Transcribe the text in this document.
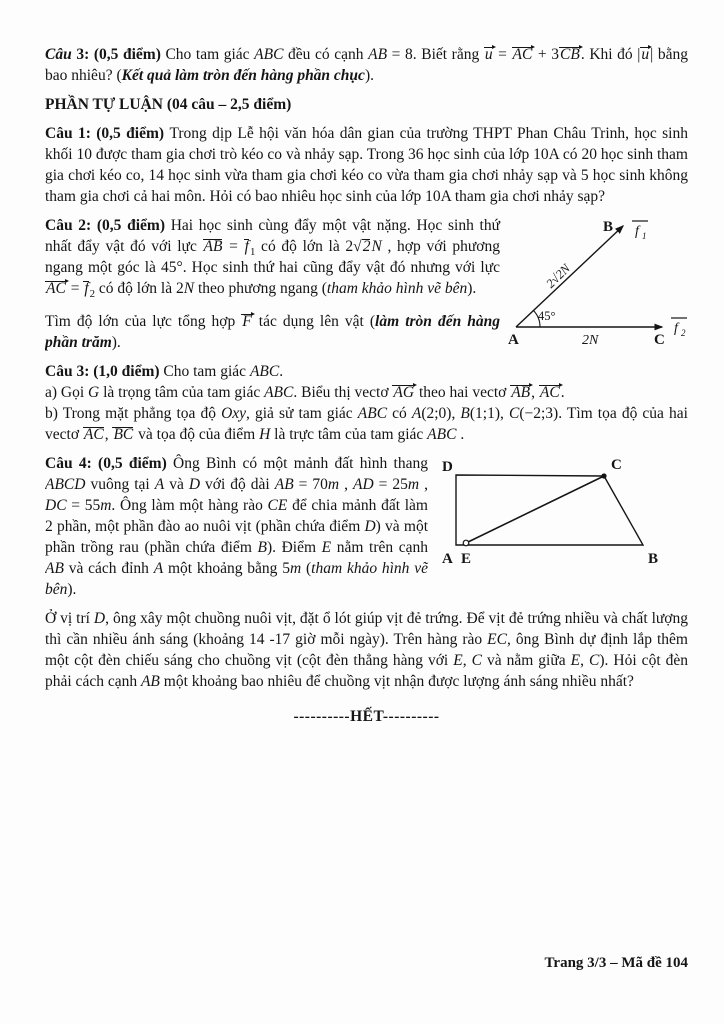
Câu 3: (0,5 điểm) Cho tam giác ABC đều có cạnh AB = 8. Biết rằng u = AC + 3CB. Khi đó |u| bằng bao nhiêu? (Kết quả làm tròn đến hàng phần chục).

PHẦN TỰ LUẬN (04 câu – 2,5 điểm)

Câu 1: (0,5 điểm) Trong dịp Lễ hội văn hóa dân gian của trường THPT Phan Châu Trinh, học sinh khối 10 được tham gia chơi trò kéo co và nhảy sạp. Trong 36 học sinh của lớp 10A có 20 học sinh tham gia chơi kéo co, 14 học sinh vừa tham gia chơi kéo co vừa tham gia chơi nhảy sạp và 5 học sinh không tham gia chơi cả hai môn. Hỏi có bao nhiêu học sinh của lớp 10A tham gia chơi nhảy sạp?

B f 1
45°
2√2N
A	2N	C
f 2

Câu 2: (0,5 điểm) Hai học sinh cùng đẩy một vật nặng. Học sinh thứ nhất đẩy vật đó với lực AB = $f_1$ có độ lớn là 2√2N , hợp với phương ngang một góc là 45°. Học sinh thứ hai cũng đẩy vật đó nhưng với lực AC = $f_2$ có độ lớn là 2N theo phương ngang (tham khảo hình vẽ bên).

Tìm độ lớn của lực tổng hợp F tác dụng lên vật (làm tròn đến hàng phần trăm).

Câu 3: (1,0 điểm) Cho tam giác ABC.

a) Gọi G là trọng tâm của tam giác ABC. Biểu thị vectơ AG theo hai vectơ AB, AC.

b) Trong mặt phẳng tọa độ Oxy, giả sử tam giác ABC có A(2;0), B(1;1), C(−2;3). Tìm tọa độ của hai vectơ AC, BC và tọa độ của điểm H là trực tâm của tam giác ABC .

D	C
A E	B

Câu 4: (0,5 điểm) Ông Bình có một mảnh đất hình thang ABCD vuông tại A và D với độ dài AB = 70m , AD = 25m , DC = 55m. Ông làm một hàng rào CE để chia mảnh đất làm 2 phần, một phần đào ao nuôi vịt (phần chứa điểm D) và một phần trồng rau (phần chứa điểm B). Điểm E nằm trên cạnh AB và cách đỉnh A một khoảng bằng 5m (tham khảo hình vẽ bên).

Ở vị trí D, ông xây một chuồng nuôi vịt, đặt ổ lót giúp vịt đẻ trứng. Để vịt đẻ trứng nhiều và chất lượng thì cần nhiều ánh sáng (khoảng 14 -17 giờ mỗi ngày). Trên hàng rào EC, ông Bình dự định lắp thêm một cột đèn chiếu sáng cho chuồng vịt (cột đèn thẳng hàng với E, C và nằm giữa E, C). Hỏi cột đèn phải cách cạnh AB một khoảng bao nhiêu để chuồng vịt nhận được lượng ánh sáng nhiều nhất?

----------HẾT----------

Trang 3/3 – Mã đề 104
